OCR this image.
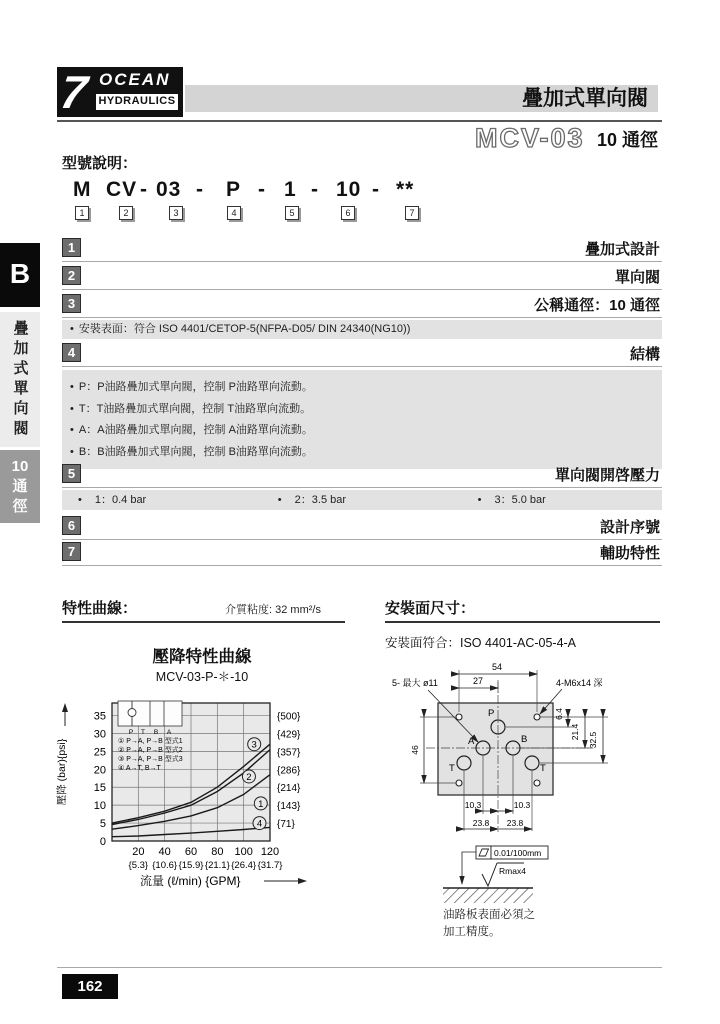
7 OCEAN
HYDRAULICS	疊加式單向閥
MCV-03 10 通徑
B
疊加式單向閥
10
通
徑
型號說明：
M CV - 03 - P - 1 - 10 - **
1	2	3	4	5	6	7
1	疊加式設計
2	單向閥
3	公稱通徑：10 通徑
• 安裝表面：符合 ISO 4401/CETOP-5(NFPA-D05/ DIN 24340(NG10))
4	結構
• P：P油路疊加式單向閥，控制 P油路單向流動。
• T：T油路疊加式單向閥，控制 T油路單向流動。
• A：A油路疊加式單向閥，控制 A油路單向流動。
• B：B油路疊加式單向閥，控制 B油路單向流動。
5	單向閥開啓壓力
• 1：0.4 bar	• 2：3.5 bar	• 3：5.0 bar
6	設計序號
7	輔助特性
特性曲線：	介質粘度: 32 mm²/s	安裝面尺寸：
安裝面符合：ISO 4401-AC-05-4-A
壓降特性曲線
MCV-03-P-＊-10
0
5
10
15
20
25
30
35	{500}
{429}
{357}
{286}
{214}
{143}
{71}
20
{5.3}
40
{10.6}
60
{15.9}
80
{21.1}
100
{26.4}
120
{31.7}
3
2
1
4
P T B A
① P→A, P→B 型式1
② P→A, P→B 型式2
③ P→A, P→B 型式3
④ A→T, B→T
壓降 (bar){psi}
流量 (ℓ/min) {GPM}
P
A	B
T	T
54
27
5- 最大 ø11	4-M6x14 深
6.4
21.4 32.5
46
10.3	10.3
23.8 23.8
0.01/100mm
Rmax4
油路板表面必須之
加工精度。
162
